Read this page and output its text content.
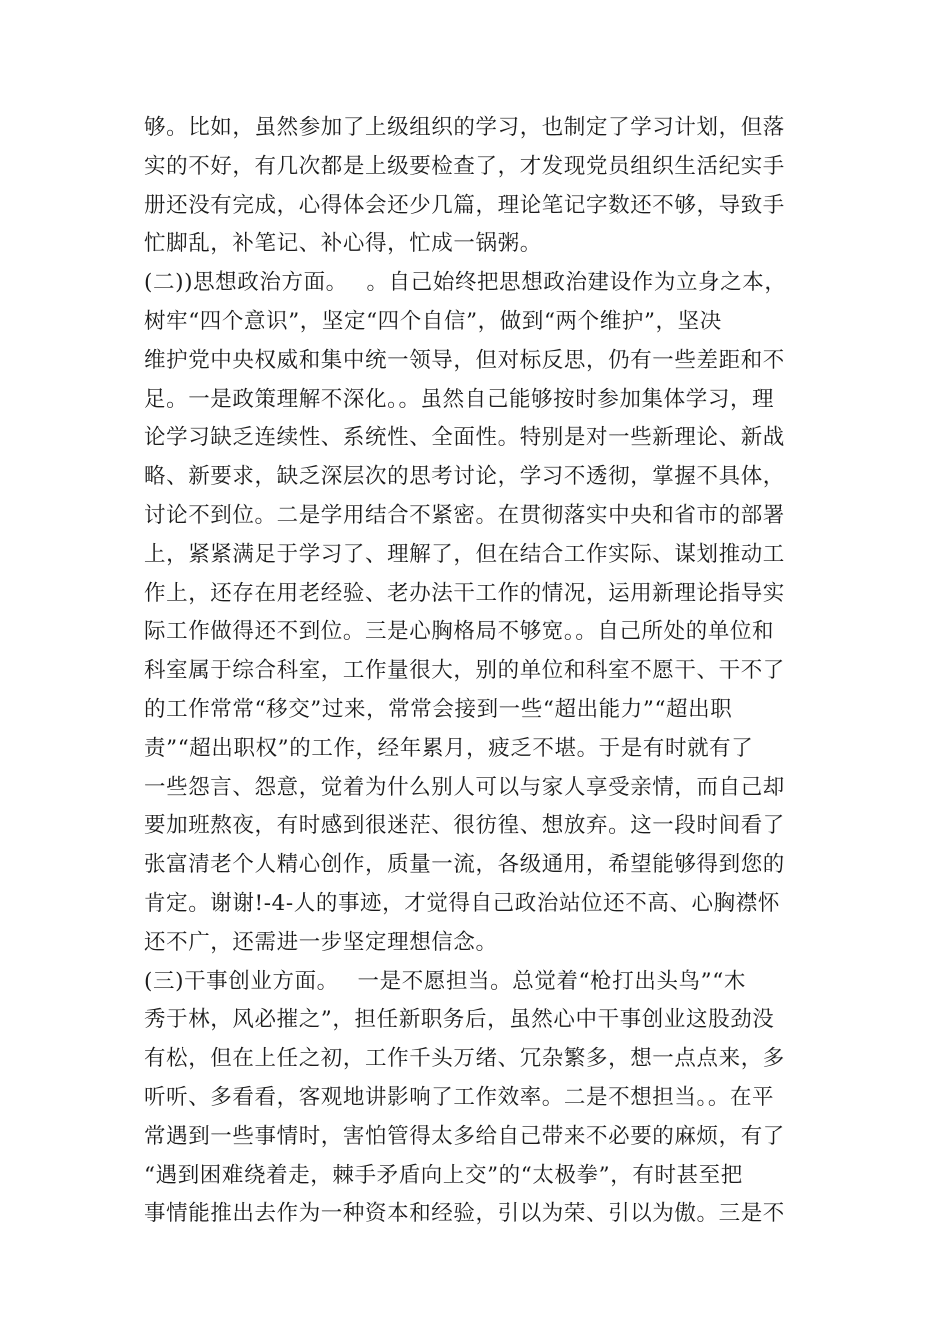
够。比如，虽然参加了上级组织的学习，也制定了学习计划，但落
实的不好，有几次都是上级要检查了，才发现党员组织生活纪实手
册还没有完成，心得体会还少几篇，理论笔记字数还不够，导致手
忙脚乱，补笔记、补心得，忙成一锅粥。
(二))思想政治方面。　 。自己始终把思想政治建设作为立身之本，
树牢“四个意识”，坚定“四个自信”，做到“两个维护”，坚决
维护党中央权威和集中统一领导，但对标反思，仍有一些差距和不
足。一是政策理解不深化。。虽然自己能够按时参加集体学习，理
论学习缺乏连续性、系统性、全面性。特别是对一些新理论、新战
略、新要求，缺乏深层次的思考讨论，学习不透彻，掌握不具体，
讨论不到位。二是学用结合不紧密。在贯彻落实中央和省市的部署
上，紧紧满足于学习了、理解了，但在结合工作实际、谋划推动工
作上，还存在用老经验、老办法干工作的情况，运用新理论指导实
际工作做得还不到位。三是心胸格局不够宽。。自己所处的单位和
科室属于综合科室，工作量很大，别的单位和科室不愿干、干不了
的工作常常“移交”过来，常常会接到一些“超出能力”“超出职
责”“超出职权”的工作，经年累月，疲乏不堪。于是有时就有了
一些怨言、怨意，觉着为什么别人可以与家人享受亲情，而自己却
要加班熬夜，有时感到很迷茫、很彷徨、想放弃。这一段时间看了
张富清老个人精心创作，质量一流，各级通用，希望能够得到您的
肯定。谢谢!-4-人的事迹，才觉得自己政治站位还不高、心胸襟怀
还不广，还需进一步坚定理想信念。
(三)干事创业方面。　 一是不愿担当。总觉着“枪打出头鸟”“木
秀于林，风必摧之”，担任新职务后，虽然心中干事创业这股劲没
有松，但在上任之初，工作千头万绪、冗杂繁多，想一点点来，多
听听、多看看，客观地讲影响了工作效率。二是不想担当。。在平
常遇到一些事情时，害怕管得太多给自己带来不必要的麻烦，有了
“遇到困难绕着走，棘手矛盾向上交”的“太极拳”，有时甚至把
事情能推出去作为一种资本和经验，引以为荣、引以为傲。三是不
